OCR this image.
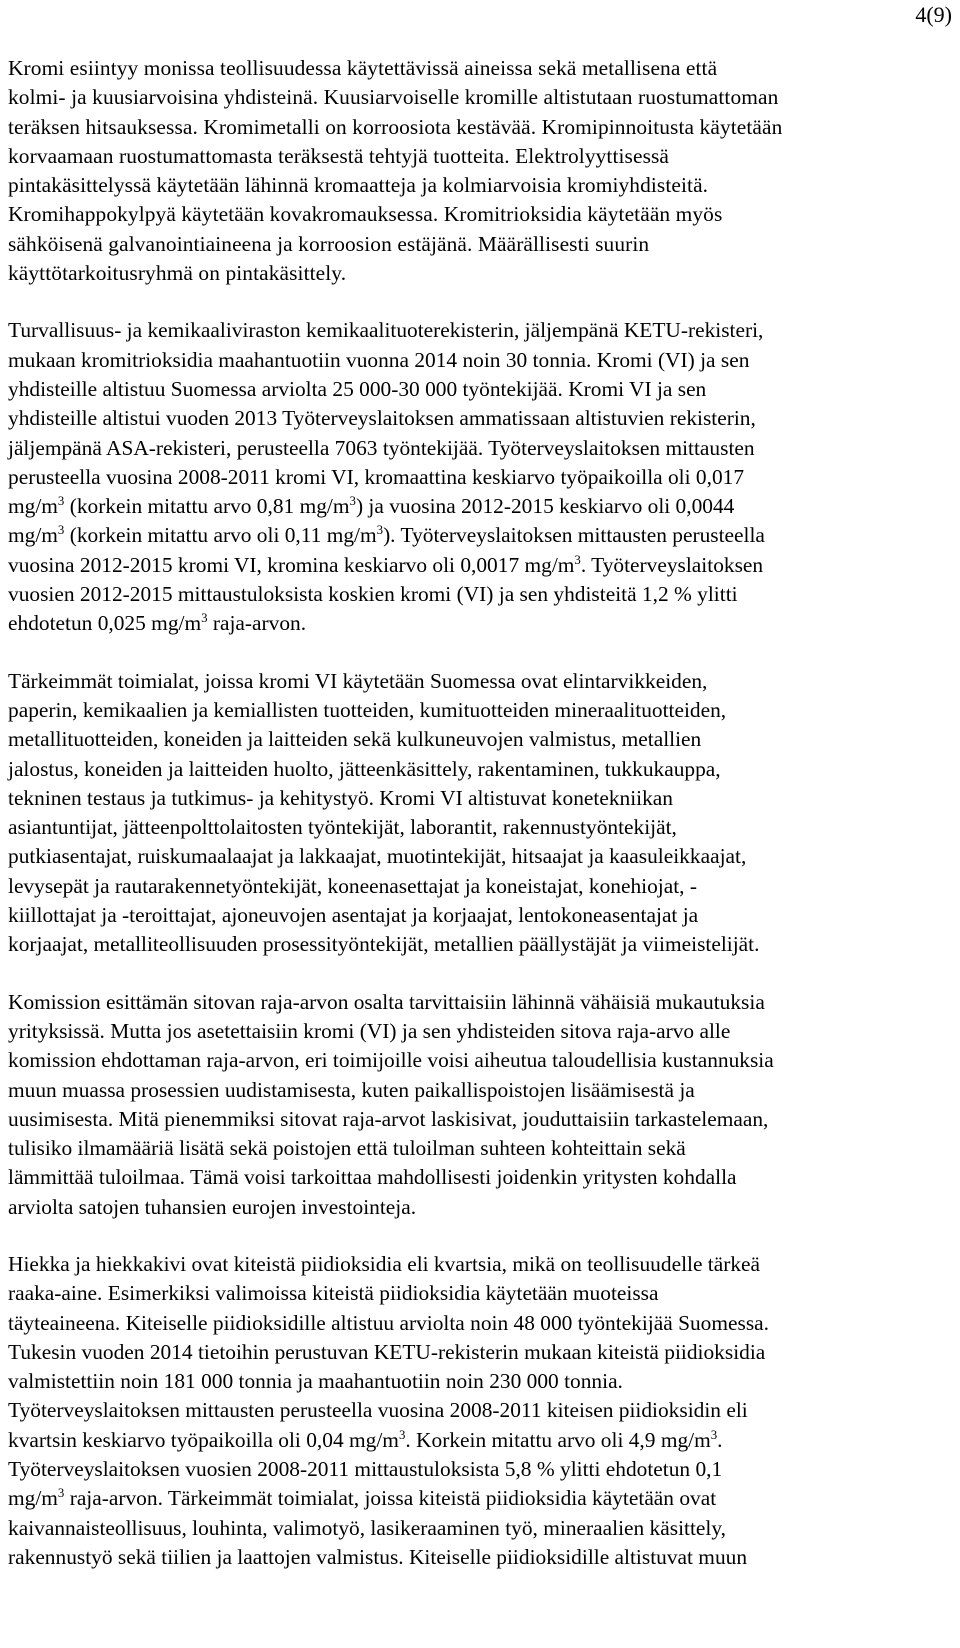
4(9)

Kromi esiintyy monissa teollisuudessa käytettävissä aineissa sekä metallisena että
kolmi- ja kuusiarvoisina yhdisteinä. Kuusiarvoiselle kromille altistutaan ruostumattoman
teräksen hitsauksessa. Kromimetalli on korroosiota kestävää. Kromipinnoitusta käytetään
korvaamaan ruostumattomasta teräksestä tehtyjä tuotteita. Elektrolyyttisessä
pintakäsittelyssä käytetään lähinnä kromaatteja ja kolmiarvoisia kromiyhdisteitä.
Kromihappokylpyä käytetään kovakromauksessa. Kromitrioksidia käytetään myös
sähköisenä galvanointiaineena ja korroosion estäjänä. Määrällisesti suurin
käyttötarkoitusryhmä on pintakäsittely.

Turvallisuus- ja kemikaaliviraston kemikaalituoterekisterin, jäljempänä KETU-rekisteri,
mukaan kromitrioksidia maahantuotiin vuonna 2014 noin 30 tonnia. Kromi (VI) ja sen
yhdisteille altistuu Suomessa arviolta 25 000-30 000 työntekijää. Kromi VI ja sen
yhdisteille altistui vuoden 2013 Työterveyslaitoksen ammatissaan altistuvien rekisterin,
jäljempänä ASA-rekisteri, perusteella 7063 työntekijää. Työterveyslaitoksen mittausten
perusteella vuosina 2008-2011 kromi VI, kromaattina keskiarvo työpaikoilla oli 0,017
$mg/m^3$ (korkein mitattu arvo 0,81 $mg/m^3$) ja vuosina 2012-2015 keskiarvo oli 0,0044
$mg/m^3$ (korkein mitattu arvo oli 0,11 $mg/m^3$). Työterveyslaitoksen mittausten perusteella
vuosina 2012-2015 kromi VI, kromina keskiarvo oli 0,0017 $mg/m^3$. Työterveyslaitoksen
vuosien 2012-2015 mittaustuloksista koskien kromi (VI) ja sen yhdisteitä 1,2 % ylitti
ehdotetun 0,025 $mg/m^3$ raja-arvon.

Tärkeimmät toimialat, joissa kromi VI käytetään Suomessa ovat elintarvikkeiden,
paperin, kemikaalien ja kemiallisten tuotteiden, kumituotteiden mineraalituotteiden,
metallituotteiden, koneiden ja laitteiden sekä kulkuneuvojen valmistus, metallien
jalostus, koneiden ja laitteiden huolto, jätteenkäsittely, rakentaminen, tukkukauppa,
tekninen testaus ja tutkimus- ja kehitystyö. Kromi VI altistuvat konetekniikan
asiantuntijat, jätteenpolttolaitosten työntekijät, laborantit, rakennustyöntekijät,
putkiasentajat, ruiskumaalaajat ja lakkaajat, muotintekijät, hitsaajat ja kaasuleikkaajat,
levysepät ja rautarakennetyöntekijät, koneenasettajat ja koneistajat, konehiojat, -
kiillottajat ja -teroittajat, ajoneuvojen asentajat ja korjaajat, lentokoneasentajat ja
korjaajat, metalliteollisuuden prosessityöntekijät, metallien päällystäjät ja viimeistelijät.

Komission esittämän sitovan raja-arvon osalta tarvittaisiin lähinnä vähäisiä mukautuksia
yrityksissä. Mutta jos asetettaisiin kromi (VI) ja sen yhdisteiden sitova raja-arvo alle
komission ehdottaman raja-arvon, eri toimijoille voisi aiheutua taloudellisia kustannuksia
muun muassa prosessien uudistamisesta, kuten paikallispoistojen lisäämisestä ja
uusimisesta. Mitä pienemmiksi sitovat raja-arvot laskisivat, jouduttaisiin tarkastelemaan,
tulisiko ilmamääriä lisätä sekä poistojen että tuloilman suhteen kohteittain sekä
lämmittää tuloilmaa. Tämä voisi tarkoittaa mahdollisesti joidenkin yritysten kohdalla
arviolta satojen tuhansien eurojen investointeja.

Hiekka ja hiekkakivi ovat kiteistä piidioksidia eli kvartsia, mikä on teollisuudelle tärkeä
raaka-aine. Esimerkiksi valimoissa kiteistä piidioksidia käytetään muoteissa
täyteaineena. Kiteiselle piidioksidille altistuu arviolta noin 48 000 työntekijää Suomessa.
Tukesin vuoden 2014 tietoihin perustuvan KETU-rekisterin mukaan kiteistä piidioksidia
valmistettiin noin 181 000 tonnia ja maahantuotiin noin 230 000 tonnia.
Työterveyslaitoksen mittausten perusteella vuosina 2008-2011 kiteisen piidioksidin eli
kvartsin keskiarvo työpaikoilla oli 0,04 $mg/m^3$. Korkein mitattu arvo oli 4,9 $mg/m^3$.
Työterveyslaitoksen vuosien 2008-2011 mittaustuloksista 5,8 % ylitti ehdotetun 0,1
$mg/m^3$ raja-arvon. Tärkeimmät toimialat, joissa kiteistä piidioksidia käytetään ovat
kaivannaisteollisuus, louhinta, valimotyö, lasikeraaminen työ, mineraalien käsittely,
rakennustyö sekä tiilien ja laattojen valmistus. Kiteiselle piidioksidille altistuvat muun
